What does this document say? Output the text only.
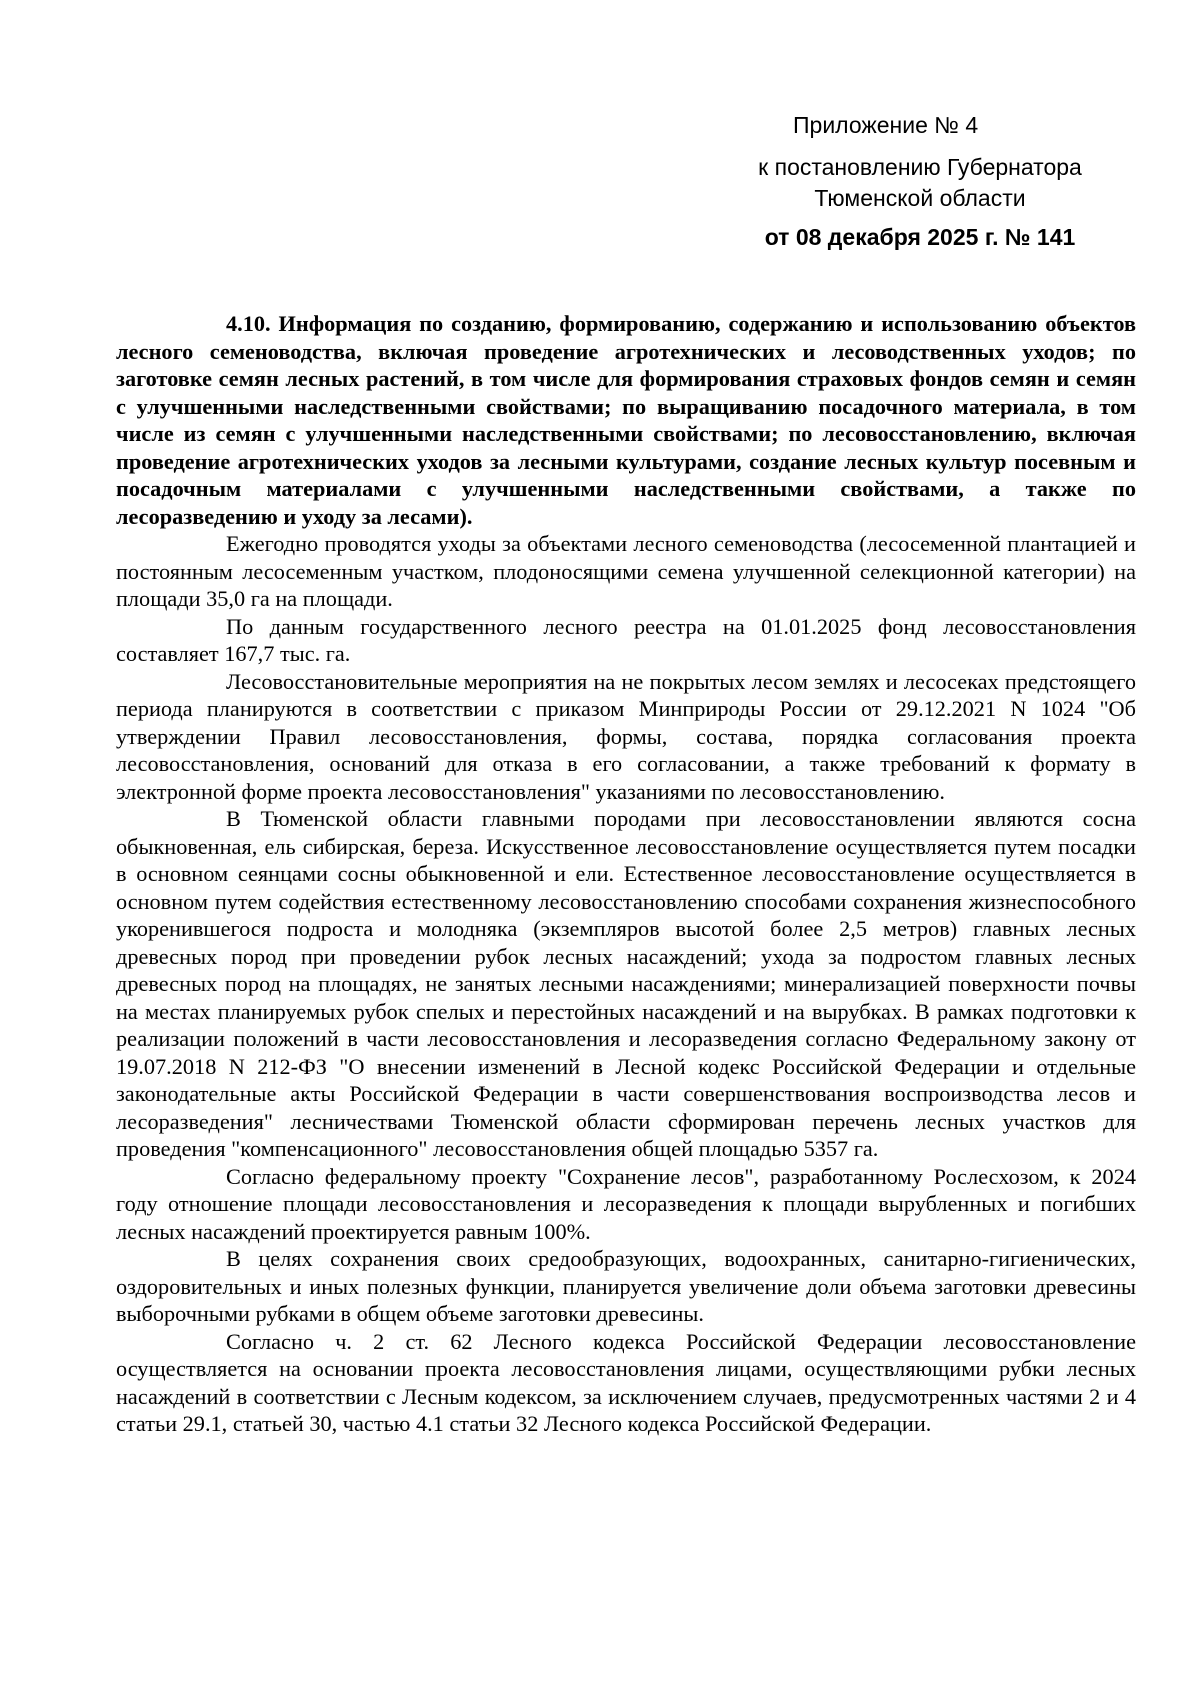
Приложение № 4
к постановлению Губернатора
Тюменской области
от 08 декабря 2025 г. № 141

4.10. Информация по созданию, формированию, содержанию и использованию объектов лесного семеноводства, включая проведение агротехнических и лесоводственных уходов; по заготовке семян лесных растений, в том числе для формирования страховых фондов семян и семян с улучшенными наследственными свойствами; по выращиванию посадочного материала, в том числе из семян с улучшенными наследственными свойствами; по лесовосстановлению, включая проведение агротехнических уходов за лесными культурами, создание лесных культур посевным и посадочным материалами с улучшенными наследственными свойствами, а также по лесоразведению и уходу за лесами).

Ежегодно проводятся уходы за объектами лесного семеноводства (лесосеменной плантацией и постоянным лесосеменным участком, плодоносящими семена улучшенной селекционной категории) на площади 35,0 га на площади.

По данным государственного лесного реестра на 01.01.2025 фонд лесовосстановления составляет 167,7 тыс. га.

Лесовосстановительные мероприятия на не покрытых лесом землях и лесосеках предстоящего периода планируются в соответствии с приказом Минприроды России от 29.12.2021 N 1024 "Об утверждении Правил лесовосстановления, формы, состава, порядка согласования проекта лесовосстановления, оснований для отказа в его согласовании, а также требований к формату в электронной форме проекта лесовосстановления" указаниями по лесовосстановлению.

В Тюменской области главными породами при лесовосстановлении являются сосна обыкновенная, ель сибирская, береза. Искусственное лесовосстановление осуществляется путем посадки в основном сеянцами сосны обыкновенной и ели. Естественное лесовосстановление осуществляется в основном путем содействия естественному лесовосстановлению способами сохранения жизнеспособного укоренившегося подроста и молодняка (экземпляров высотой более 2,5 метров) главных лесных древесных пород при проведении рубок лесных насаждений; ухода за подростом главных лесных древесных пород на площадях, не занятых лесными насаждениями; минерализацией поверхности почвы на местах планируемых рубок спелых и перестойных насаждений и на вырубках. В рамках подготовки к реализации положений в части лесовосстановления и лесоразведения согласно Федеральному закону от 19.07.2018 N 212-ФЗ "О внесении изменений в Лесной кодекс Российской Федерации и отдельные законодательные акты Российской Федерации в части совершенствования воспроизводства лесов и лесоразведения" лесничествами Тюменской области сформирован перечень лесных участков для проведения "компенсационного" лесовосстановления общей площадью 5357 га.

Согласно федеральному проекту "Сохранение лесов", разработанному Рослесхозом, к 2024 году отношение площади лесовосстановления и лесоразведения к площади вырубленных и погибших лесных насаждений проектируется равным 100%.

В целях сохранения своих средообразующих, водоохранных, санитарно-гигиенических, оздоровительных и иных полезных функции, планируется увеличение доли объема заготовки древесины выборочными рубками в общем объеме заготовки древесины.

Согласно ч. 2 ст. 62 Лесного кодекса Российской Федерации лесовосстановление осуществляется на основании проекта лесовосстановления лицами, осуществляющими рубки лесных насаждений в соответствии с Лесным кодексом, за исключением случаев, предусмотренных частями 2 и 4 статьи 29.1, статьей 30, частью 4.1 статьи 32 Лесного кодекса Российской Федерации.
